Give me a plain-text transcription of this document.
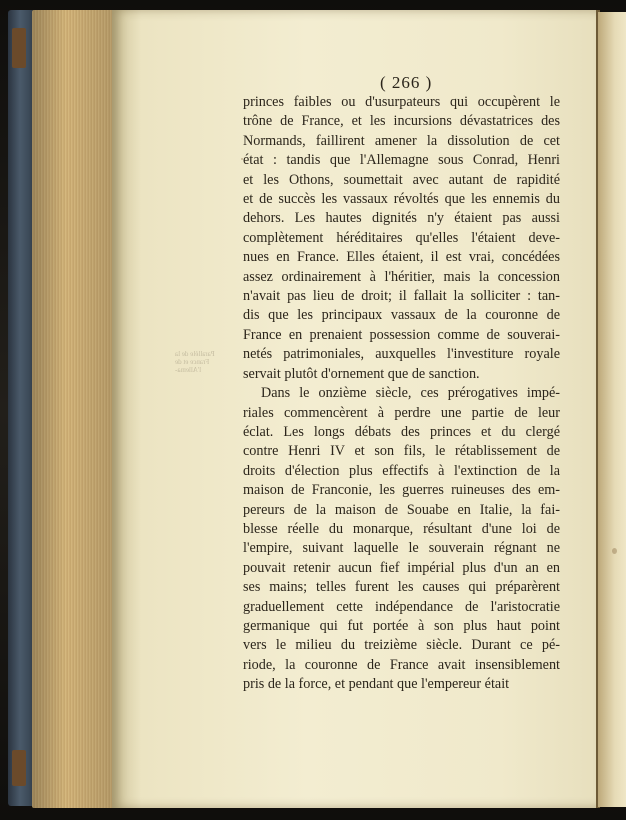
Parallèle de la France et de l'Allema-
( 266 )
princes faibles ou d'usurpateurs qui occupèrent le
trône de France, et les incursions dévastatrices des
Normands, faillirent amener la dissolution de cet
état : tandis que l'Allemagne sous Conrad, Henri
et les Othons, soumettait avec autant de rapidité
et de succès les vassaux révoltés que les ennemis du
dehors. Les hautes dignités n'y étaient pas aussi
complètement héréditaires qu'elles l'étaient deve-
nues en France. Elles étaient, il est vrai, concédées
assez ordinairement à l'héritier, mais la concession
n'avait pas lieu de droit; il fallait la solliciter : tan-
dis que les principaux vassaux de la couronne de
France en prenaient possession comme de souverai-
netés patrimoniales, auxquelles l'investiture royale
servait plutôt d'ornement que de sanction.
Dans le onzième siècle, ces prérogatives impé-
riales commencèrent à perdre une partie de leur
éclat. Les longs débats des princes et du clergé
contre Henri IV et son fils, le rétablissement de
droits d'élection plus effectifs à l'extinction de la
maison de Franconie, les guerres ruineuses des em-
pereurs de la maison de Souabe en Italie, la fai-
blesse réelle du monarque, résultant d'une loi de
l'empire, suivant laquelle le souverain régnant ne
pouvait retenir aucun fief impérial plus d'un an en
ses mains; telles furent les causes qui préparèrent
graduellement cette indépendance de l'aristocratie
germanique qui fut portée à son plus haut point
vers le milieu du treizième siècle. Durant ce pé-
riode, la couronne de France avait insensiblement
pris de la force, et pendant que l'empereur était
